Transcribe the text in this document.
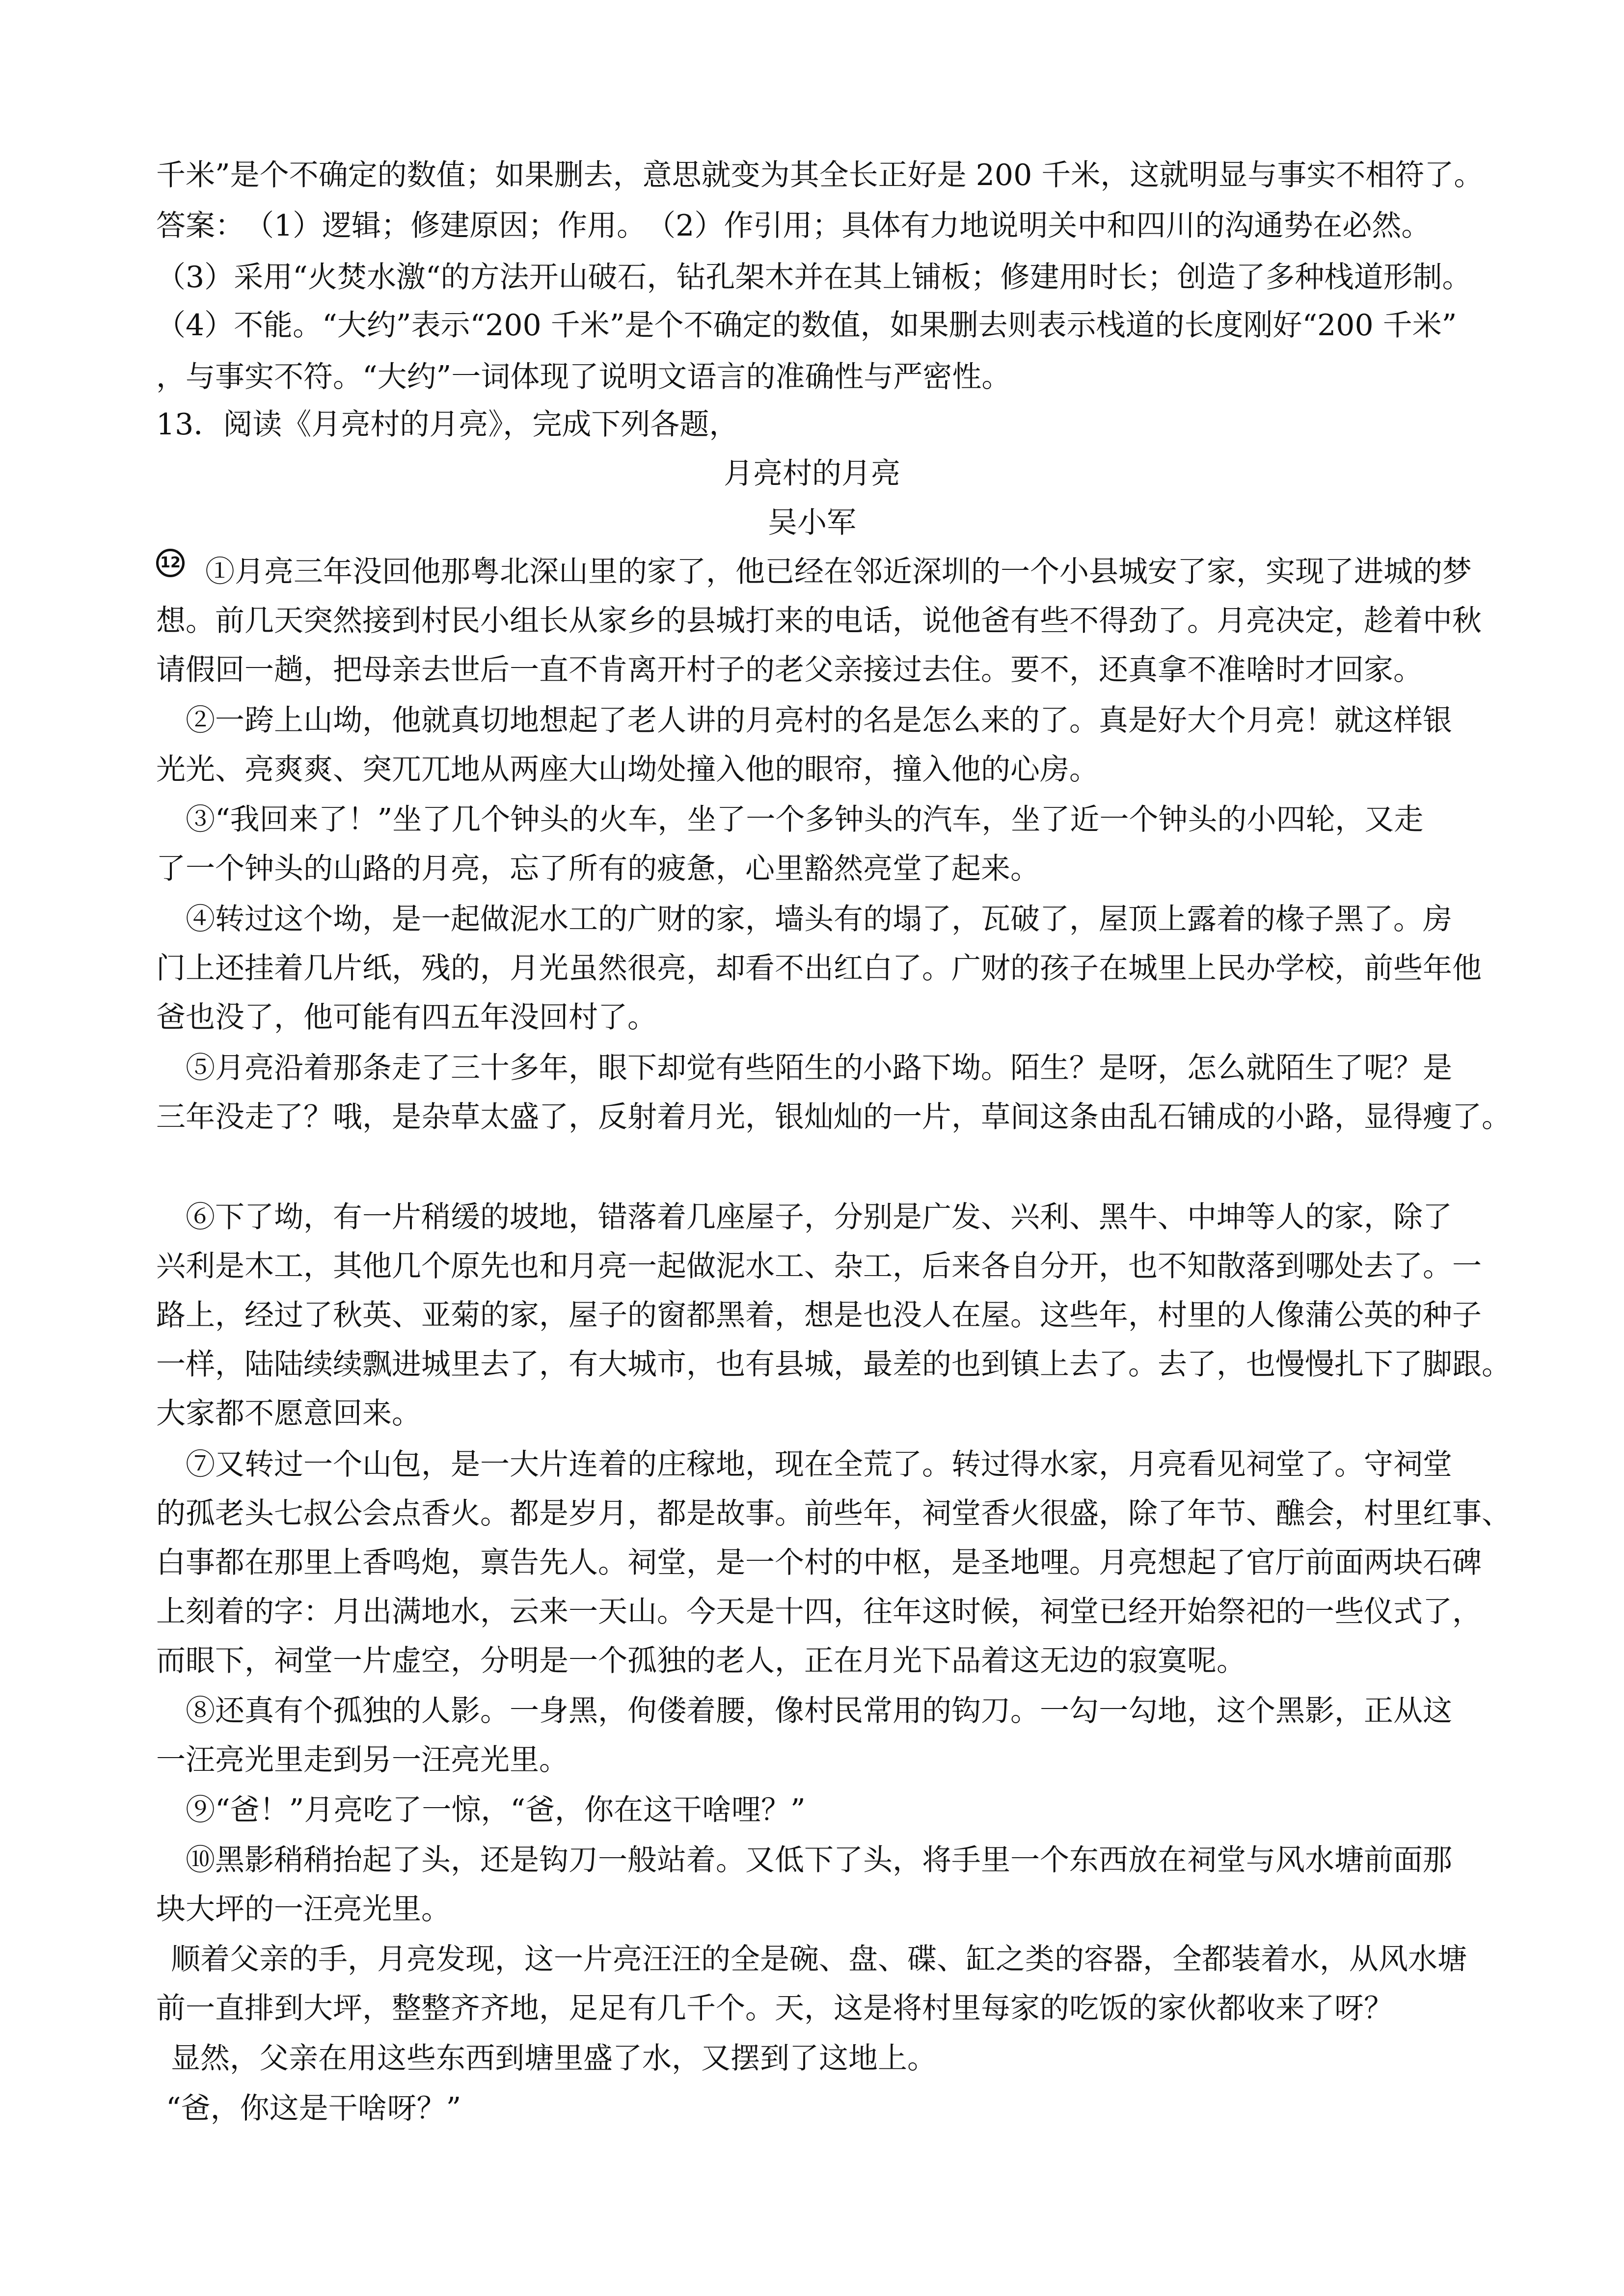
千米”是个不确定的数值；如果删去，意思就变为其全长正好是 200 千米，这就明显与事实不相符了。
答案：　（1）逻辑；修建原因；作用。　（2）作引用；具体有力地说明关中和四川的沟通势在必然。
（3）采用“火焚水激“的方法开山破石，钻孔架木并在其上铺板；修建用时长；创造了多种栈道形制。
（4）不能。“大约”表示“200 千米”是个不确定的数值，如果删去则表示栈道的长度刚好“200 千米”
，与事实不符。“大约”一词体现了说明文语言的准确性与严密性。
13．阅读《月亮村的月亮》，完成下列各题，
月亮村的月亮
吴小军
12 ①月亮三年没回他那粤北深山里的家了，他已经在邻近深圳的一个小县城安了家，实现了进城的梦
想。前几天突然接到村民小组长从家乡的县城打来的电话，说他爸有些不得劲了。月亮决定，趁着中秋
请假回一趟，把母亲去世后一直不肯离开村子的老父亲接过去住。要不，还真拿不准啥时才回家。
②一跨上山坳，他就真切地想起了老人讲的月亮村的名是怎么来的了。真是好大个月亮！就这样银
光光、亮爽爽、突兀兀地从两座大山坳处撞入他的眼帘，撞入他的心房。
③“我回来了！”坐了几个钟头的火车，坐了一个多钟头的汽车，坐了近一个钟头的小四轮，又走
了一个钟头的山路的月亮，忘了所有的疲惫，心里豁然亮堂了起来。
④转过这个坳，是一起做泥水工的广财的家，墙头有的塌了，瓦破了，屋顶上露着的椽子黑了。房
门上还挂着几片纸，残的，月光虽然很亮，却看不出红白了。广财的孩子在城里上民办学校，前些年他
爸也没了，他可能有四五年没回村了。
⑤月亮沿着那条走了三十多年，眼下却觉有些陌生的小路下坳。陌生？是呀，怎么就陌生了呢？是
三年没走了？哦，是杂草太盛了，反射着月光，银灿灿的一片，草间这条由乱石铺成的小路，显得瘦了。
⑥下了坳，有一片稍缓的坡地，错落着几座屋子，分别是广发、兴利、黑牛、中坤等人的家，除了
兴利是木工，其他几个原先也和月亮一起做泥水工、杂工，后来各自分开，也不知散落到哪处去了。一
路上，经过了秋英、亚菊的家，屋子的窗都黑着，想是也没人在屋。这些年，村里的人像蒲公英的种子
一样，陆陆续续飘进城里去了，有大城市，也有县城，最差的也到镇上去了。去了，也慢慢扎下了脚跟。
大家都不愿意回来。
⑦又转过一个山包，是一大片连着的庄稼地，现在全荒了。转过得水家，月亮看见祠堂了。守祠堂
的孤老头七叔公会点香火。都是岁月，都是故事。前些年，祠堂香火很盛，除了年节、醮会，村里红事、
白事都在那里上香鸣炮，禀告先人。祠堂，是一个村的中枢，是圣地哩。月亮想起了官厅前面两块石碑
上刻着的字：月出满地水，云来一天山。今天是十四，往年这时候，祠堂已经开始祭祀的一些仪式了，
而眼下，祠堂一片虚空，分明是一个孤独的老人，正在月光下品着这无边的寂寞呢。
⑧还真有个孤独的人影。一身黑，佝偻着腰，像村民常用的钩刀。一勾一勾地，这个黑影，正从这
一汪亮光里走到另一汪亮光里。
⑨“爸！”月亮吃了一惊，“爸，你在这干啥哩？”
⑩黑影稍稍抬起了头，还是钩刀一般站着。又低下了头，将手里一个东西放在祠堂与风水塘前面那
块大坪的一汪亮光里。
顺着父亲的手，月亮发现，这一片亮汪汪的全是碗、盘、碟、缸之类的容器，全都装着水，从风水塘
前一直排到大坪，整整齐齐地，足足有几千个。天，这是将村里每家的吃饭的家伙都收来了呀？
显然，父亲在用这些东西到塘里盛了水，又摆到了这地上。
“爸，你这是干啥呀？”
